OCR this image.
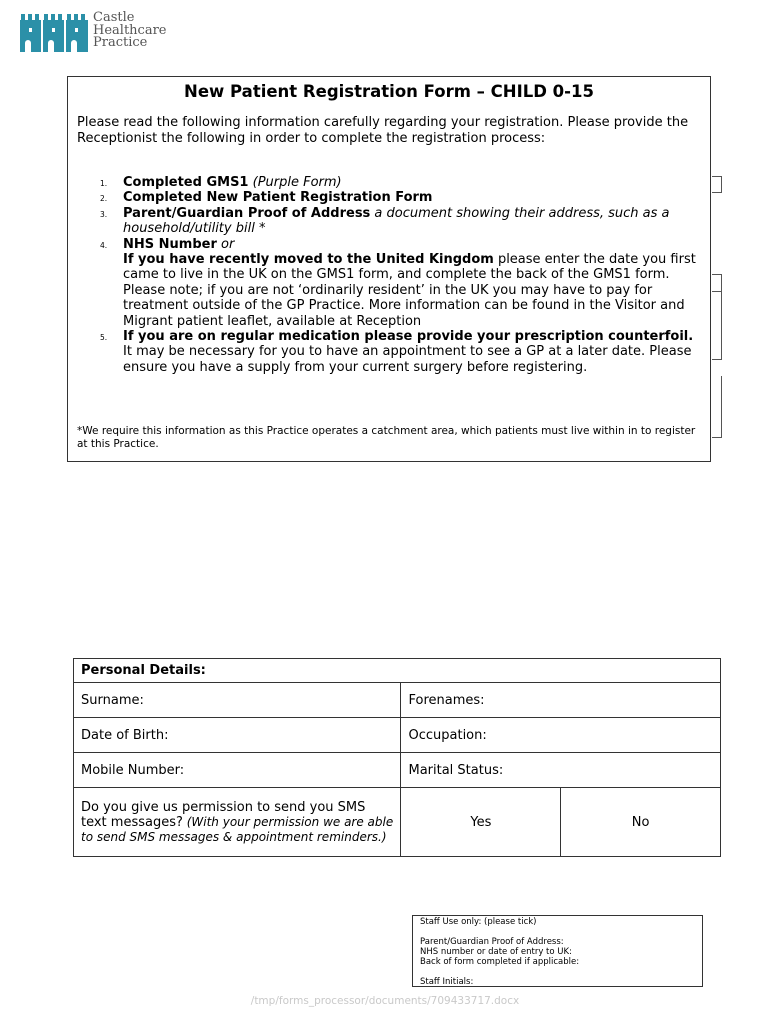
Castle
Healthcare
Practice
New Patient Registration Form – CHILD 0-15
Please read the following information carefully regarding your registration. Please provide the Receptionist the following in order to complete the registration process:
1. Completed GMS1 (Purple Form)
2. Completed New Patient Registration Form
3. Parent/Guardian Proof of Address a document showing their address, such as a household/utility bill *
4. NHS Number or
If you have recently moved to the United Kingdom please enter the date you first came to live in the UK on the GMS1 form, and complete the back of the GMS1 form.
Please note; if you are not ‘ordinarily resident’ in the UK you may have to pay for treatment outside of the GP Practice. More information can be found in the Visitor and Migrant patient leaflet, available at Reception
5. If you are on regular medication please provide your prescription counterfoil. It may be necessary for you to have an appointment to see a GP at a later date. Please ensure you have a supply from your current surgery before registering.
*We require this information as this Practice operates a catchment area, which patients must live within in to register at this Practice.
Personal Details:		
Surname:	Forenames:	
Date of Birth:	Occupation:	
Mobile Number:	Marital Status:	
Do you give us permission to send you SMS text messages? (With your permission we are able to send SMS messages & appointment reminders.)	Yes	No
Staff Use only: (please tick)
Parent/Guardian Proof of Address:
NHS number or date of entry to UK:
Back of form completed if applicable:
Staff Initials:
/tmp/forms_processor/documents/709433717.docx
